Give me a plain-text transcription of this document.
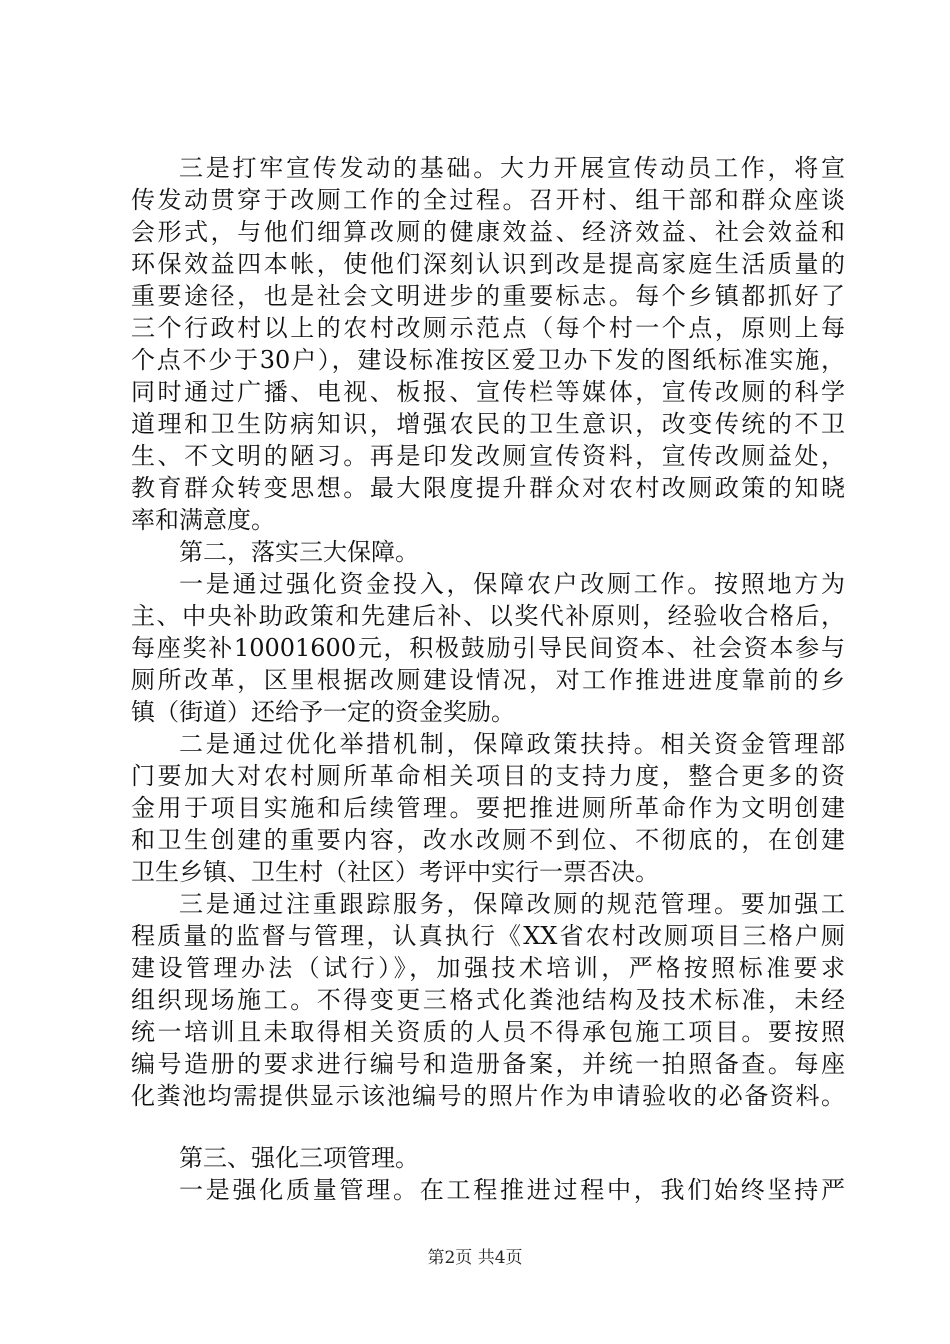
三是打牢宣传发动的基础。大力开展宣传动员工作，将宣
传发动贯穿于改厕工作的全过程。召开村、组干部和群众座谈
会形式，与他们细算改厕的健康效益、经济效益、社会效益和
环保效益四本帐，使他们深刻认识到改是提高家庭生活质量的
重要途径，也是社会文明进步的重要标志。每个乡镇都抓好了
三个行政村以上的农村改厕示范点（每个村一个点，原则上每
个点不少于30户），建设标准按区爱卫办下发的图纸标准实施，
同时通过广播、电视、板报、宣传栏等媒体，宣传改厕的科学
道理和卫生防病知识，增强农民的卫生意识，改变传统的不卫
生、不文明的陋习。再是印发改厕宣传资料，宣传改厕益处，
教育群众转变思想。最大限度提升群众对农村改厕政策的知晓
率和满意度。
第二，落实三大保障。
一是通过强化资金投入，保障农户改厕工作。按照地方为
主、中央补助政策和先建后补、以奖代补原则，经验收合格后，
每座奖补10001600元，积极鼓励引导民间资本、社会资本参与
厕所改革，区里根据改厕建设情况，对工作推进进度靠前的乡
镇（街道）还给予一定的资金奖励。
二是通过优化举措机制，保障政策扶持。相关资金管理部
门要加大对农村厕所革命相关项目的支持力度，整合更多的资
金用于项目实施和后续管理。要把推进厕所革命作为文明创建
和卫生创建的重要内容，改水改厕不到位、不彻底的，在创建
卫生乡镇、卫生村（社区）考评中实行一票否决。
三是通过注重跟踪服务，保障改厕的规范管理。要加强工
程质量的监督与管理，认真执行《XX省农村改厕项目三格户厕
建设管理办法（试行）》，加强技术培训，严格按照标准要求
组织现场施工。不得变更三格式化粪池结构及技术标准，未经
统一培训且未取得相关资质的人员不得承包施工项目。要按照
编号造册的要求进行编号和造册备案，并统一拍照备查。每座
化粪池均需提供显示该池编号的照片作为申请验收的必备资料。
第三、强化三项管理。
一是强化质量管理。在工程推进过程中，我们始终坚持严
第2页 共4页
